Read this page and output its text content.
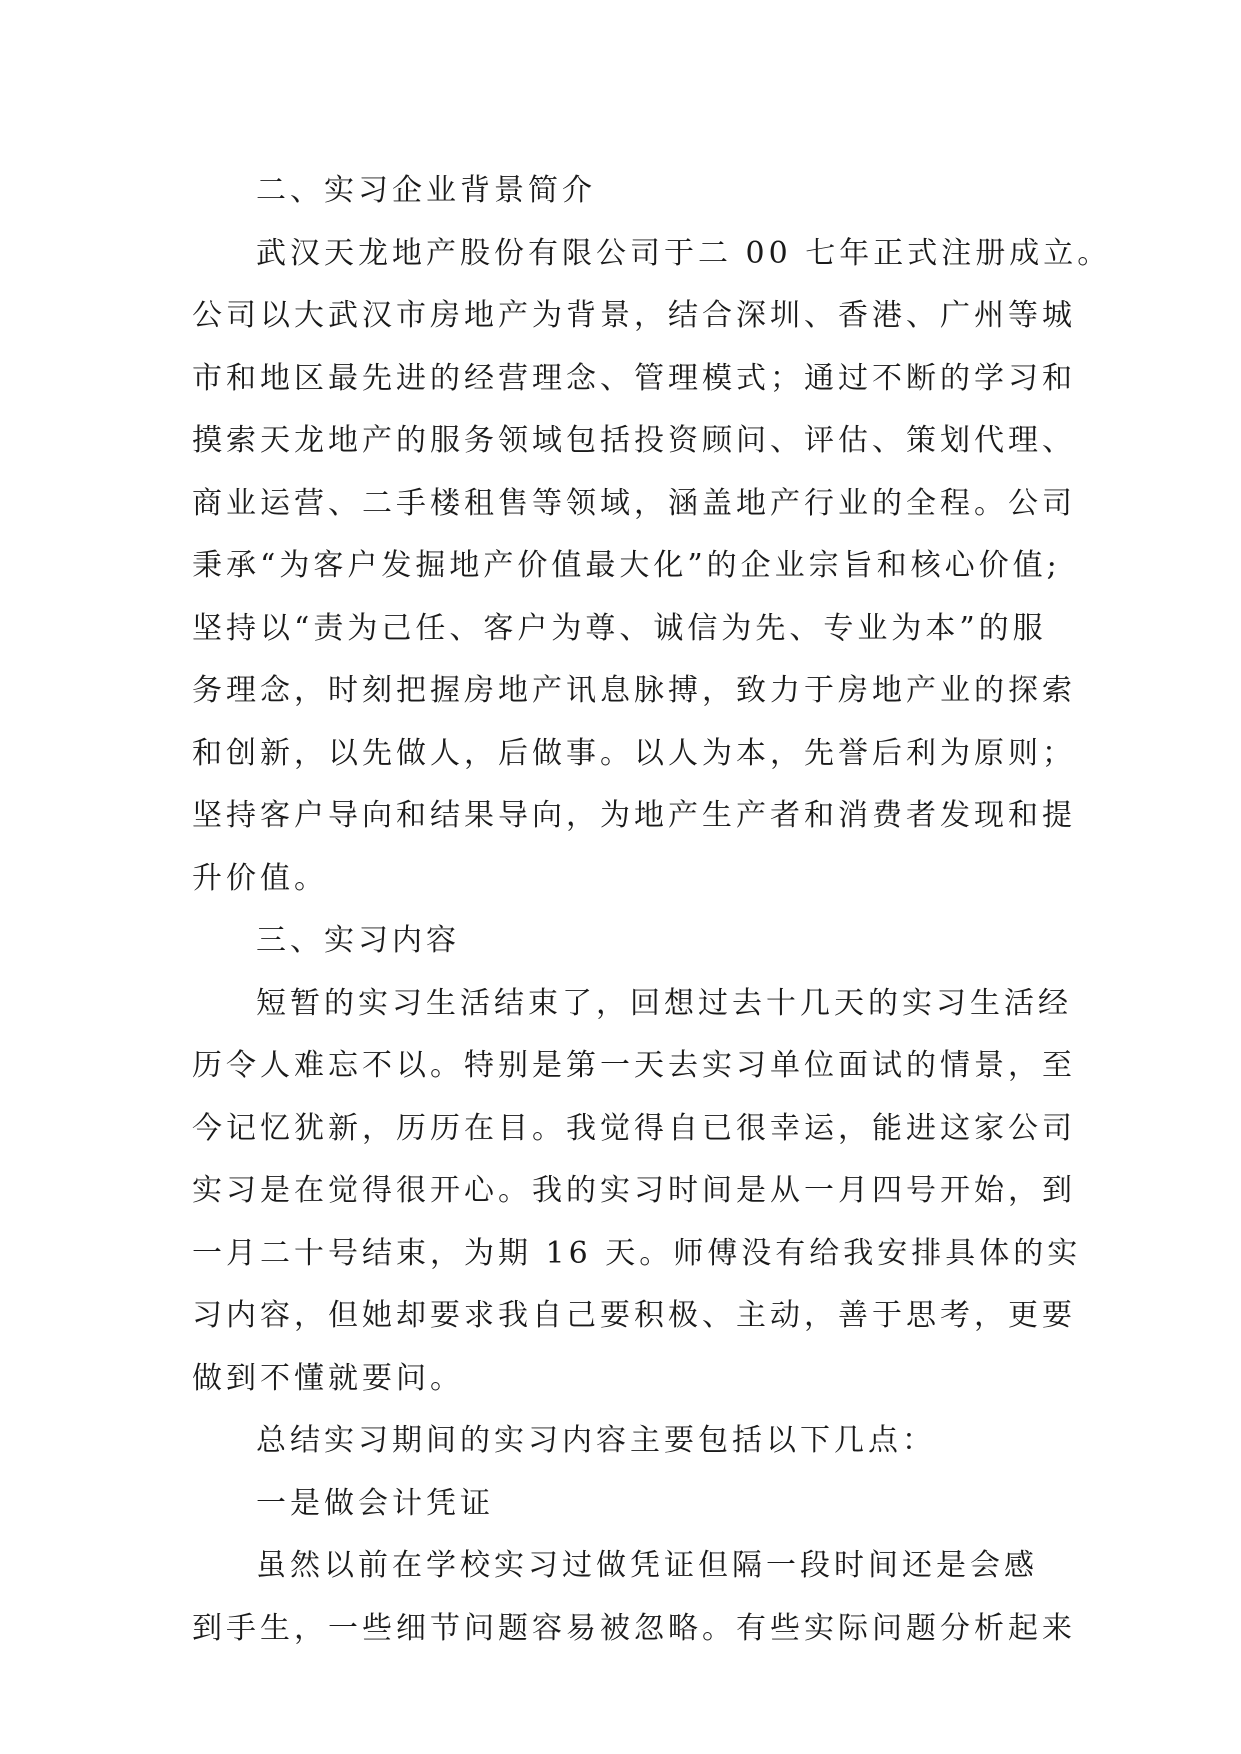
二、实习企业背景简介
武汉天龙地产股份有限公司于二 00 七年正式注册成立。
公司以大武汉市房地产为背景，结合深圳、香港、广州等城
市和地区最先进的经营理念、管理模式；通过不断的学习和
摸索天龙地产的服务领域包括投资顾问、评估、策划代理、
商业运营、二手楼租售等领域，涵盖地产行业的全程。公司
秉承“为客户发掘地产价值最大化”的企业宗旨和核心价值;
坚持以“责为己任、客户为尊、诚信为先、专业为本”的服
务理念，时刻把握房地产讯息脉搏，致力于房地产业的探索
和创新，以先做人，后做事。以人为本，先誉后利为原则；
坚持客户导向和结果导向，为地产生产者和消费者发现和提
升价值。
三、实习内容
短暂的实习生活结束了，回想过去十几天的实习生活经
历令人难忘不以。特别是第一天去实习单位面试的情景，至
今记忆犹新，历历在目。我觉得自已很幸运，能进这家公司
实习是在觉得很开心。我的实习时间是从一月四号开始，到
一月二十号结束，为期 16 天。师傅没有给我安排具体的实
习内容，但她却要求我自己要积极、主动，善于思考，更要
做到不懂就要问。
总结实习期间的实习内容主要包括以下几点：
一是做会计凭证
虽然以前在学校实习过做凭证但隔一段时间还是会感
到手生，一些细节问题容易被忽略。有些实际问题分析起来
